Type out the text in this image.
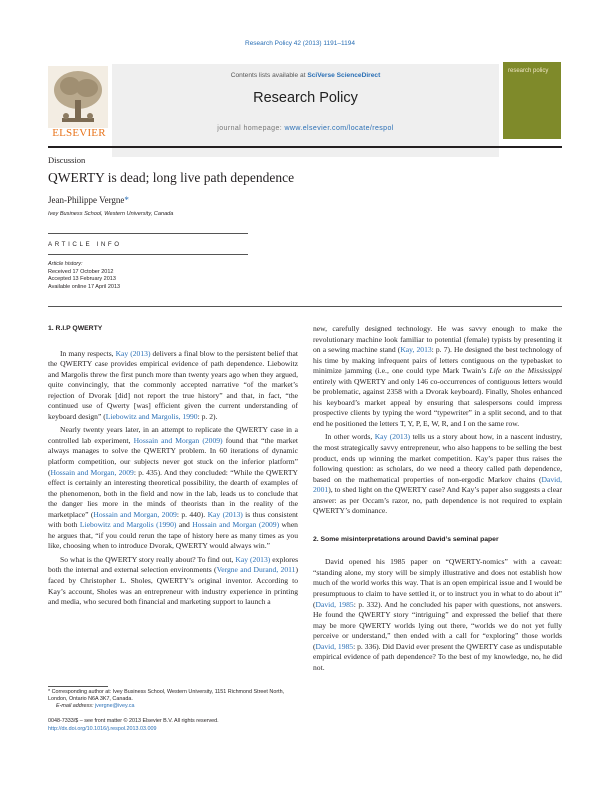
Research Policy 42 (2013) 1191–1194
Contents lists available at SciVerse ScienceDirect
Research Policy
journal homepage: www.elsevier.com/locate/respol
ELSEVIER
research policy
Discussion
QWERTY is dead; long live path dependence
Jean-Philippe Vergne*
Ivey Business School, Western University, Canada
ARTICLE INFO
Article history:
Received 17 October 2012
Accepted 13 February 2013
Available online 17 April 2013
1. R.I.P QWERTY

In many respects, Kay (2013) delivers a final blow to the persistent belief that the QWERTY case provides empirical evidence of path dependence. Liebowitz and Margolis threw the first punch more than twenty years ago when they argued, quite convincingly, that the commonly accepted narrative “of the market’s rejection of Dvorak [did] not report the true history” and that, in fact, “the continued use of Qwerty [was] efficient given the current understanding of keyboard design” (Liebowitz and Margolis, 1990: p. 2).

Nearly twenty years later, in an attempt to replicate the QWERTY case in a controlled lab experiment, Hossain and Morgan (2009) found that “the market always manages to solve the QWERTY problem. In 60 iterations of dynamic platform competition, our subjects never got stuck on the inferior platform” (Hossain and Morgan, 2009: p. 435). And they concluded: “While the QWERTY effect is certainly an interesting theoretical possibility, the dearth of examples of the phenomenon, both in the field and now in the lab, leads us to conclude that the danger lies more in the minds of theorists than in the reality of the marketplace” (Hossain and Morgan, 2009: p. 440). Kay (2013) is thus consistent with both Liebowitz and Margolis (1990) and Hossain and Morgan (2009) when he argues that, “if you could rerun the tape of history here as many times as you like, choosing when to introduce Dvorak, QWERTY would always win.”

So what is the QWERTY story really about? To find out, Kay (2013) explores both the internal and external selection environments (Vergne and Durand, 2011) faced by Christopher L. Sholes, QWERTY’s original inventor. According to Kay’s account, Sholes was an entrepreneur with industry experience in printing and media, who secured both financial and marketing support to launch a

new, carefully designed technology. He was savvy enough to make the revolutionary machine look familiar to potential (female) typists by presenting it on a sewing machine stand (Kay, 2013: p. 7). He designed the best technology of his time by making infrequent pairs of letters contiguous on the typebasket to minimize jamming (i.e., one could type Mark Twain’s Life on the Mississippi entirely with QWERTY and only 146 co-occurrences of contiguous letters would be problematic, against 2358 with a Dvorak keyboard). Finally, Sholes enhanced his keyboard’s market appeal by ensuring that salespersons could impress prospective clients by typing the word “typewriter” in a split second, and to that end he positioned the letters T, Y, P, E, W, R, and I on the same row.

In other words, Kay (2013) tells us a story about how, in a nascent industry, the most strategically savvy entrepreneur, who also happens to be selling the best product, ends up winning the market competition. Kay’s paper thus raises the following question: as scholars, do we need a theory called path dependence, based on the mathematical properties of non-ergodic Markov chains (David, 2001), to shed light on the QWERTY case? And Kay’s paper also suggests a clear answer: as per Occam’s razor, no, path dependence is not required to explain QWERTY’s dominance.

2. Some misinterpretations around David’s seminal paper

David opened his 1985 paper on “QWERTY-nomics” with a caveat: “standing alone, my story will be simply illustrative and does not establish how much of the world works this way. That is an open empirical issue and I would be presumptuous to claim to have settled it, or to instruct you in what to do about it” (David, 1985: p. 332). And he concluded his paper with questions, not answers. He found the QWERTY story “intriguing” and expressed the belief that there may be more QWERTY worlds lying out there, “worlds we do not yet fully perceive or understand,” then ended with a call for “exploring” those worlds (David, 1985: p. 336). Did David ever present the QWERTY case as undisputable empirical evidence of path dependence? To the best of my knowledge, no, he did not.

* Corresponding author at: Ivey Business School, Western University, 1151 Richmond Street North, London, Ontario N6A 3K7, Canada.
E-mail address: jvergne@ivey.ca
0048-7333/$ – see front matter © 2013 Elsevier B.V. All rights reserved.
http://dx.doi.org/10.1016/j.respol.2013.03.009
